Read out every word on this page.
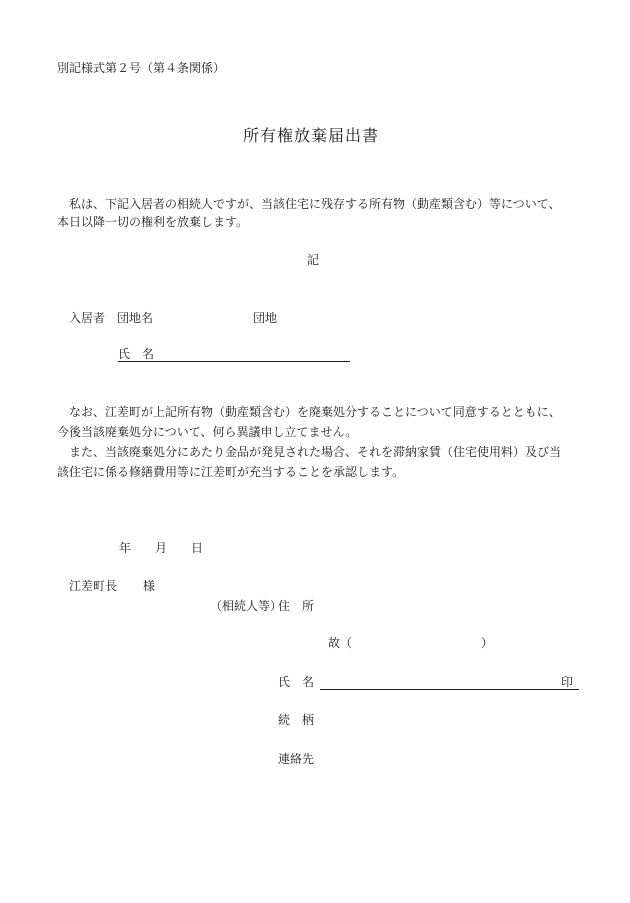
別記様式第２号（第４条関係）
所有権放棄届出書
私は、下記入居者の相続人ですが、当該住宅に残存する所有物（動産類含む）等について、
本日以降一切の権利を放棄します。
記
入居者 団地名	団地
氏　名
なお、江差町が上記所有物（動産類含む）を廃棄処分することについて同意するとともに、
今後当該廃棄処分について、何ら異議申し立てません。
また、当該廃棄処分にあたり金品が発見された場合、それを滞納家賃（住宅使用料）及び当
該住宅に係る修繕費用等に江差町が充当することを承認します。
年 月 日
江差町長 様
（相続人等）
住　所
故（	）
氏　名	印
続　柄
連絡先
